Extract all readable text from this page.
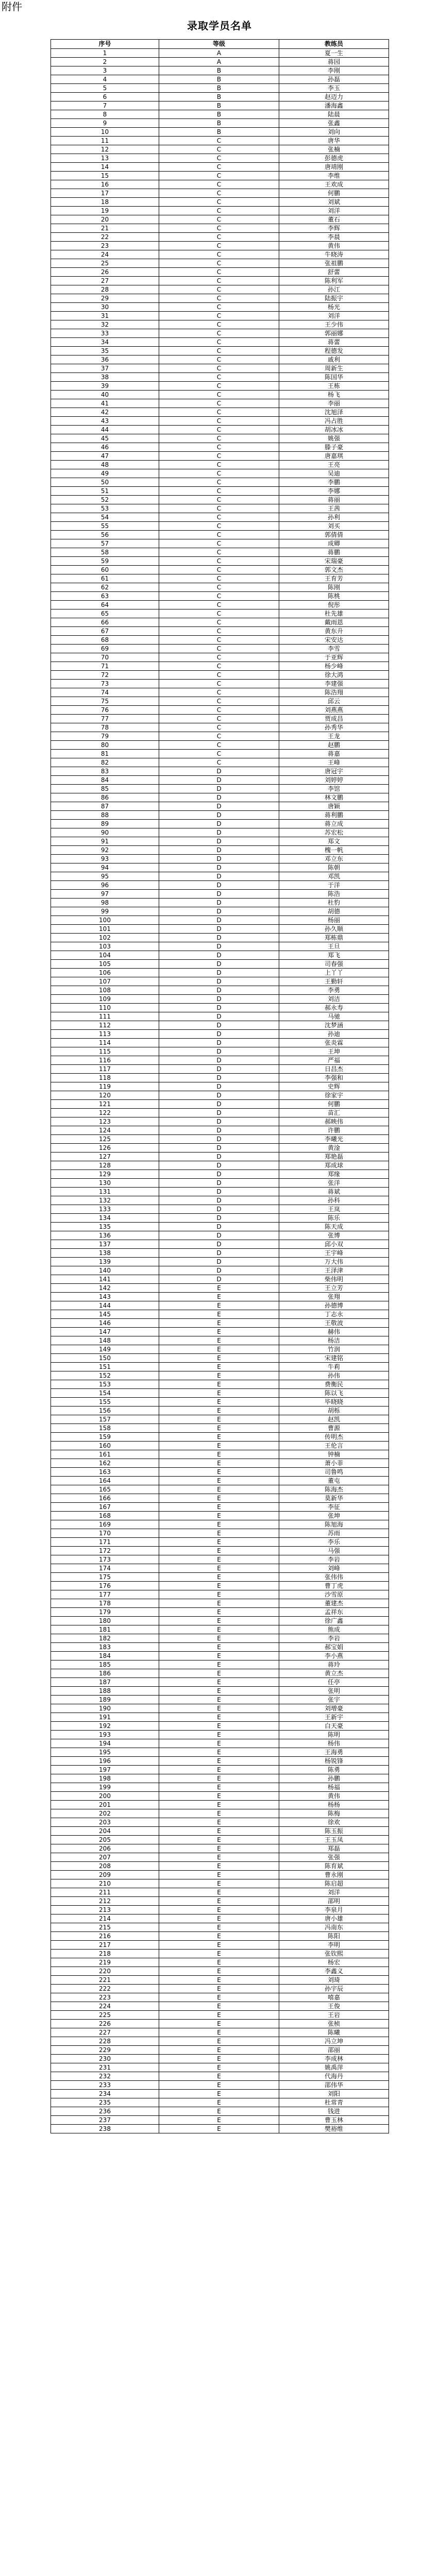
附件
录取学员名单
序号	等级	教练员
1	A	夏一生
2	A	蒋园
3	B	李刚
4	B	孙磊
5	B	李玉
6	B	赵迈力
7	B	潘海鑫
8	B	陆晨
9	B	张鑫
10	B	刘向
11	C	唐华
12	C	张楠
13	C	彭德虎
14	C	唐靖刚
15	C	李维
16	C	王欢成
17	C	何鹏
18	C	刘斌
19	C	刘洋
20	C	董石
21	C	李辉
22	C	李晨
23	C	黄伟
24	C	牛晓涛
25	C	张祖鹏
26	C	舒蕾
27	C	陈利军
28	C	孙江
29	C	陆振宇
30	C	杨光
31	C	刘洋
32	C	王少伟
33	C	郭丽娜
34	C	蒋蕾
35	C	程德发
36	C	戚利
37	C	周新生
38	C	陈国华
39	C	王栋
40	C	杨飞
41	C	李丽
42	C	沈旭泽
43	C	冯占胜
44	C	胡冰冰
45	C	姚强
46	C	滕子豪
47	C	唐嘉琪
48	C	王亮
49	C	吴迪
50	C	李鹏
51	C	李娜
52	C	蒋丽
53	C	王茜
54	C	孙利
55	C	刘买
56	C	郭倩倩
57	C	成卿
58	C	蒋鹏
59	C	宋瑞豪
60	C	郭文杰
61	C	王育芳
62	C	陈刚
63	C	陈桃
64	C	倪彤
65	C	杜先雄
66	C	戴雨恩
67	C	黄东升
68	C	宋安达
69	C	李雪
70	C	于亚辉
71	C	杨少峰
72	C	徐大鸿
73	C	李建强
74	C	陈浩翔
75	C	邱云
76	C	刘燕燕
77	C	贾成昌
78	C	孙秀华
79	C	王龙
80	C	赵鹏
81	C	蒋嘉
82	C	王峰
83	D	唐冠宇
84	D	刘婷婷
85	D	李馆
86	D	林文鹏
87	D	唐颖
88	D	蒋利鹏
89	D	蒋立成
90	D	苏宏松
91	D	郑文
92	D	槐一帆
93	D	邓立东
94	D	陈朝
95	D	邓凯
96	D	于洋
97	D	陈浩
98	D	杜豹
99	D	胡德
100	D	杨丽
101	D	孙久顺
102	D	郑栋鼎
103	D	王旦
104	D	郑飞
105	D	司春强
106	D	上丫丫
107	D	王勤轩
108	D	李勇
109	D	刘洁
110	D	郝永寿
111	D	马驰
112	D	沈梦涵
113	D	孙迪
114	D	张炎霖
115	D	王坤
116	D	严福
117	D	日昌杰
118	D	李强和
119	D	史辉
120	D	徐家宇
121	D	何鹏
122	D	苗汇
123	D	郝映伟
124	D	许鹏
125	D	李曦光
126	D	黄淦
127	D	郑艳磊
128	D	郑成球
129	D	郑缘
130	D	张洋
131	D	蒋斌
132	D	孙科
133	D	王岚
134	D	陈乐
135	D	陈天成
136	D	张博
137	D	邱小双
138	D	王宇峰
139	D	万大伟
140	D	王泽津
141	D	柴伟明
142	E	王立芳
143	E	张翔
144	E	孙德博
145	E	丁志永
146	E	王敬波
147	E	赫伟
148	E	杨洁
149	E	竹润
150	E	宋建铭
151	E	牛莉
152	E	孙伟
153	E	费衡民
154	E	陈以飞
155	E	毕晓晓
156	E	胡栎
157	E	赵凯
158	E	曹源
159	E	传明杰
160	E	王伦言
161	E	钟楠
162	E	萧小菲
163	E	司鲁鸣
164	E	董屯
165	E	陈海杰
166	E	莫新华
167	E	李征
168	E	张坤
169	E	陈旭海
170	E	苏雨
171	E	李乐
172	E	马强
173	E	李岩
174	E	刘峰
175	E	张伟伟
176	E	曹丁虎
177	E	沙雪原
178	E	董建杰
179	E	孟祥东
180	E	徐广鑫
181	E	熊成
182	E	李岩
183	E	郝宝娟
184	E	李小燕
185	E	蒋玲
186	E	黄立杰
187	E	任亭
188	E	张明
189	E	张宇
190	E	刘增豪
191	E	王新宇
192	E	白天豪
193	E	陈明
194	E	杨伟
195	E	王海勇
196	E	杨锐锋
197	E	陈勇
198	E	孙鹏
199	E	杨福
200	E	黄伟
201	E	杨杨
202	E	陈梅
203	E	徐欢
204	E	陈玉振
205	E	王玉凤
206	E	郑磊
207	E	张强
208	E	陈育斌
209	E	曹永刚
210	E	陈启超
211	E	刘洋
212	E	邵明
213	E	李泉月
214	E	唐小雄
215	E	冯南东
216	E	陈阳
217	E	李明
218	E	张钦熙
219	E	杨宏
220	E	李鑫义
221	E	刘琦
222	E	孙宇辰
223	E	嘻嘉
224	E	王俊
225	E	王岩
226	E	张桢
227	E	陈曦
228	E	冯立坤
229	E	邵丽
230	E	李成林
231	E	姚禹萍
232	E	代海丹
233	E	邵伟华
234	E	刘阳
235	E	杜常青
236	E	钱进
237	E	曹玉林
238	E	樊裕维
